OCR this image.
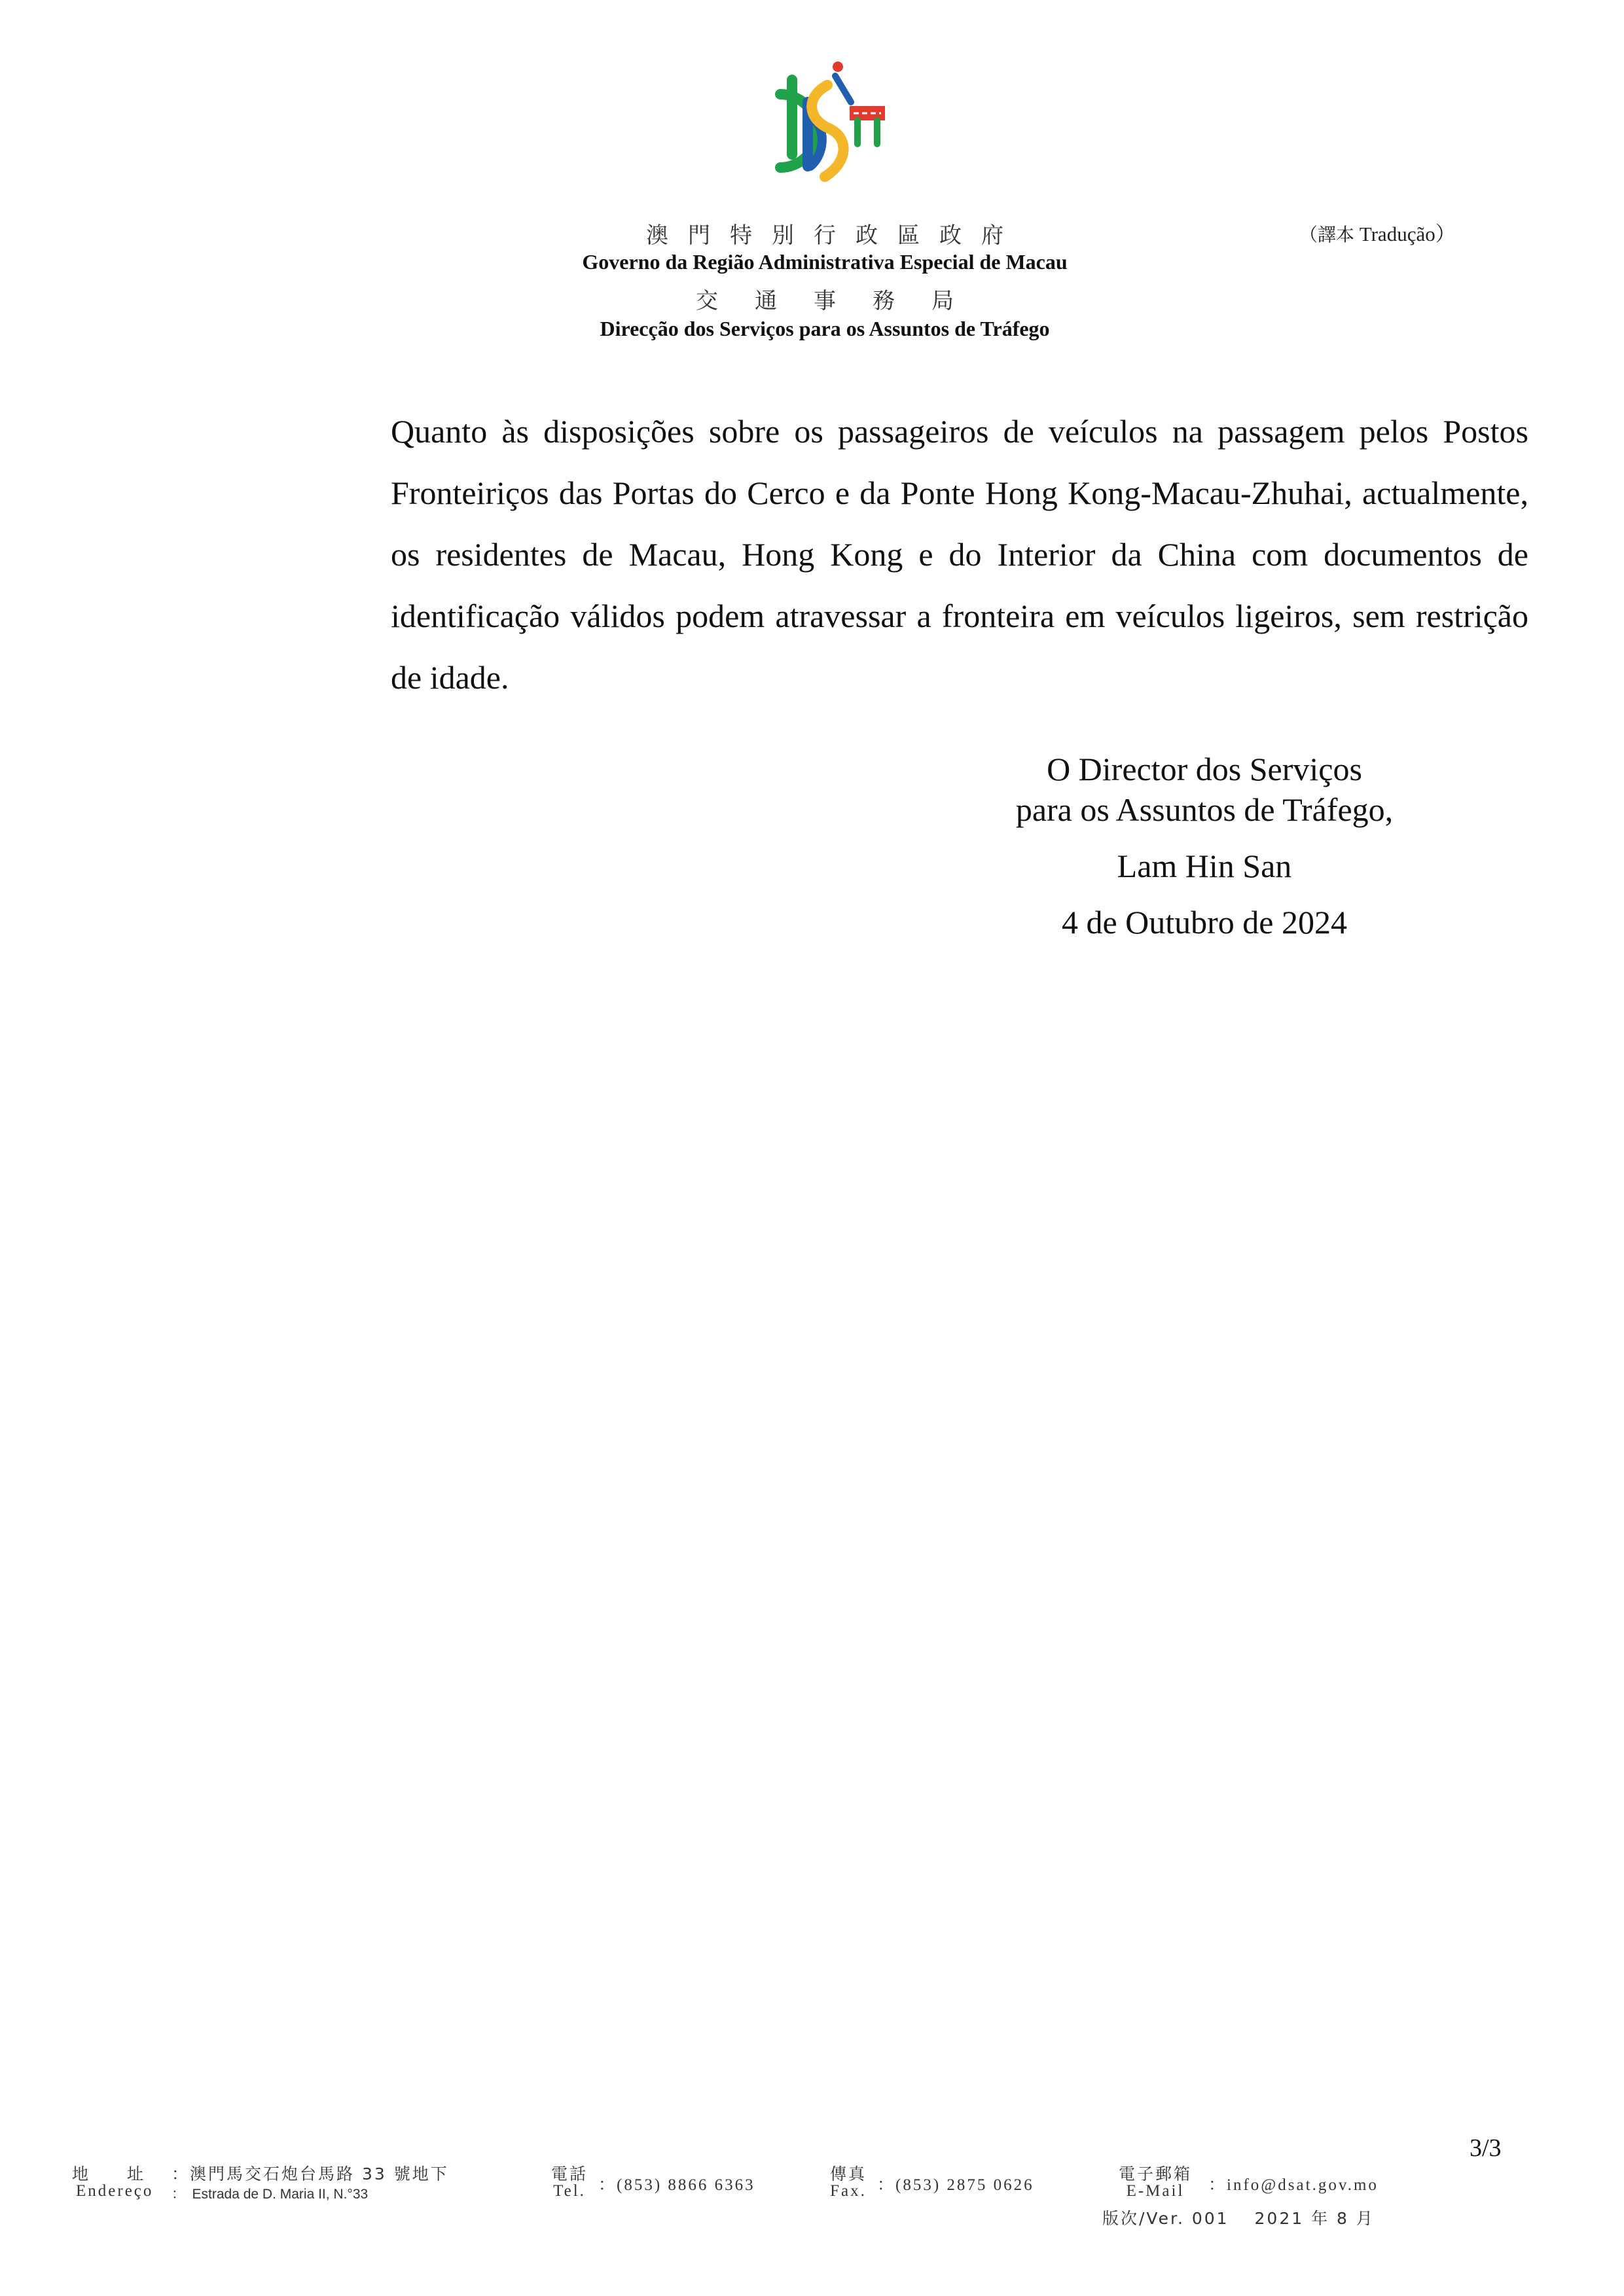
澳門特別行政區政府
Governo da Região Administrativa Especial de Macau
交通事務局
Direcção dos Serviços para os Assuntos de Tráfego
（譯本 Tradução）
Quanto às disposições sobre os passageiros de veículos na passagem pelos Postos Fronteiriços das Portas do Cerco e da Ponte Hong Kong-Macau-Zhuhai, actualmente, os residentes de Macau, Hong Kong e do Interior da China com documentos de identificação válidos podem atravessar a fronteira em veículos ligeiros, sem restrição de idade.
O Director dos Serviços
para os Assuntos de Tráfego,
Lam Hin San
4 de Outubro de 2024
3/3
地　　址
Endereço
：澳門馬交石炮台馬路 33 號地下
：　Estrada de D. Maria II, N.°33
電話
Tel. ：(853) 8866 6363
傳真
Fax. ：(853) 2875 0626
電子郵箱
E-Mail	：info@dsat.gov.mo
版次/Ver. 001　 2021 年 8 月
